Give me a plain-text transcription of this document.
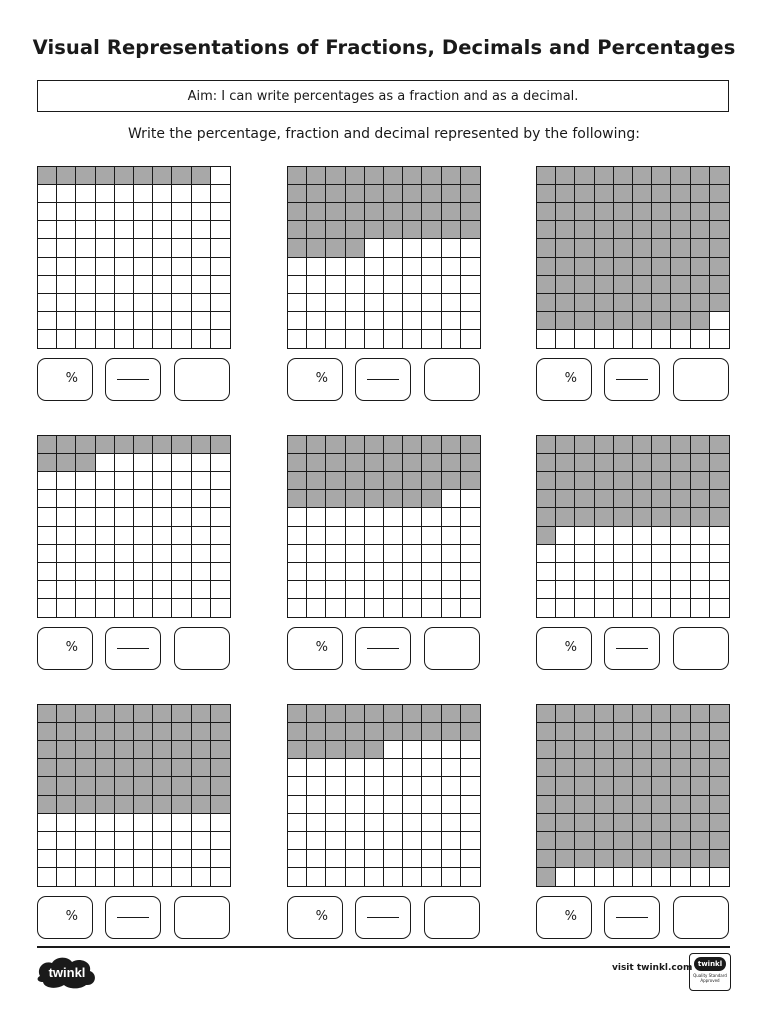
Visual Representations of Fractions, Decimals and Percentages
Aim: I can write percentages as a fraction and as a decimal.
Write the percentage, fraction and decimal represented by the following:
%	%	%
%	%	%
%	%	%
twinkl	visit twinkl.com twinkl
Quality Standard Approved
